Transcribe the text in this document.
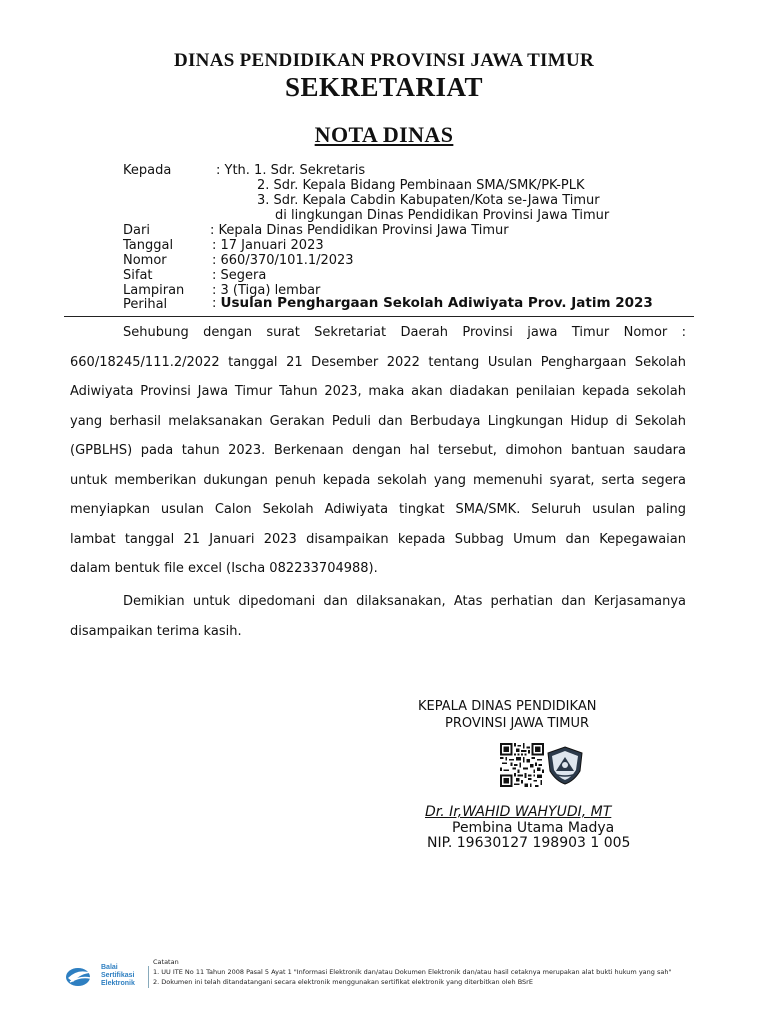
DINAS PENDIDIKAN PROVINSI JAWA TIMUR
SEKRETARIAT
NOTA DINAS
Kepada	: Yth. 1. Sdr. Sekretaris
2. Sdr. Kepala Bidang Pembinaan SMA/SMK/PK-PLK
3. Sdr. Kepala Cabdin Kabupaten/Kota se-Jawa Timur
di lingkungan Dinas Pendidikan Provinsi Jawa Timur
Dari	: Kepala Dinas Pendidikan Provinsi Jawa Timur
Tanggal	: 17 Januari 2023
Nomor	: 660/370/101.1/2023
Sifat	: Segera
Lampiran : 3 (Tiga) lembar
Perihal	: Usulan Penghargaan Sekolah Adiwiyata Prov. Jatim 2023

Sehubung dengan surat Sekretariat Daerah Provinsi jawa Timur Nomor :

660/18245/111.2/2022 tanggal 21 Desember 2022 tentang Usulan Penghargaan Sekolah

Adiwiyata Provinsi Jawa Timur Tahun 2023, maka akan diadakan penilaian kepada sekolah

yang berhasil melaksanakan Gerakan Peduli dan Berbudaya Lingkungan Hidup di Sekolah

(GPBLHS) pada tahun 2023. Berkenaan dengan hal tersebut, dimohon bantuan saudara

untuk memberikan dukungan penuh kepada sekolah yang memenuhi syarat, serta segera

menyiapkan usulan Calon Sekolah Adiwiyata tingkat SMA/SMK. Seluruh usulan paling

lambat tanggal 21 Januari 2023 disampaikan kepada Subbag Umum dan Kepegawaian

dalam bentuk file excel (Ischa 082233704988).

Demikian untuk dipedomani dan dilaksanakan, Atas perhatian dan Kerjasamanya

disampaikan terima kasih.

KEPALA DINAS PENDIDIKAN
PROVINSI JAWA TIMUR
Dr. Ir,WAHID WAHYUDI, MT
Pembina Utama Madya
NIP. 19630127 198903 1 005
Balai
Sertifikasi
Elektronik
Catatan
1. UU ITE No 11 Tahun 2008 Pasal 5 Ayat 1 "Informasi Elektronik dan/atau Dokumen Elektronik dan/atau hasil cetaknya merupakan alat bukti hukum yang sah"
2. Dokumen ini telah ditandatangani secara elektronik menggunakan sertifikat elektronik yang diterbitkan oleh BSrE
